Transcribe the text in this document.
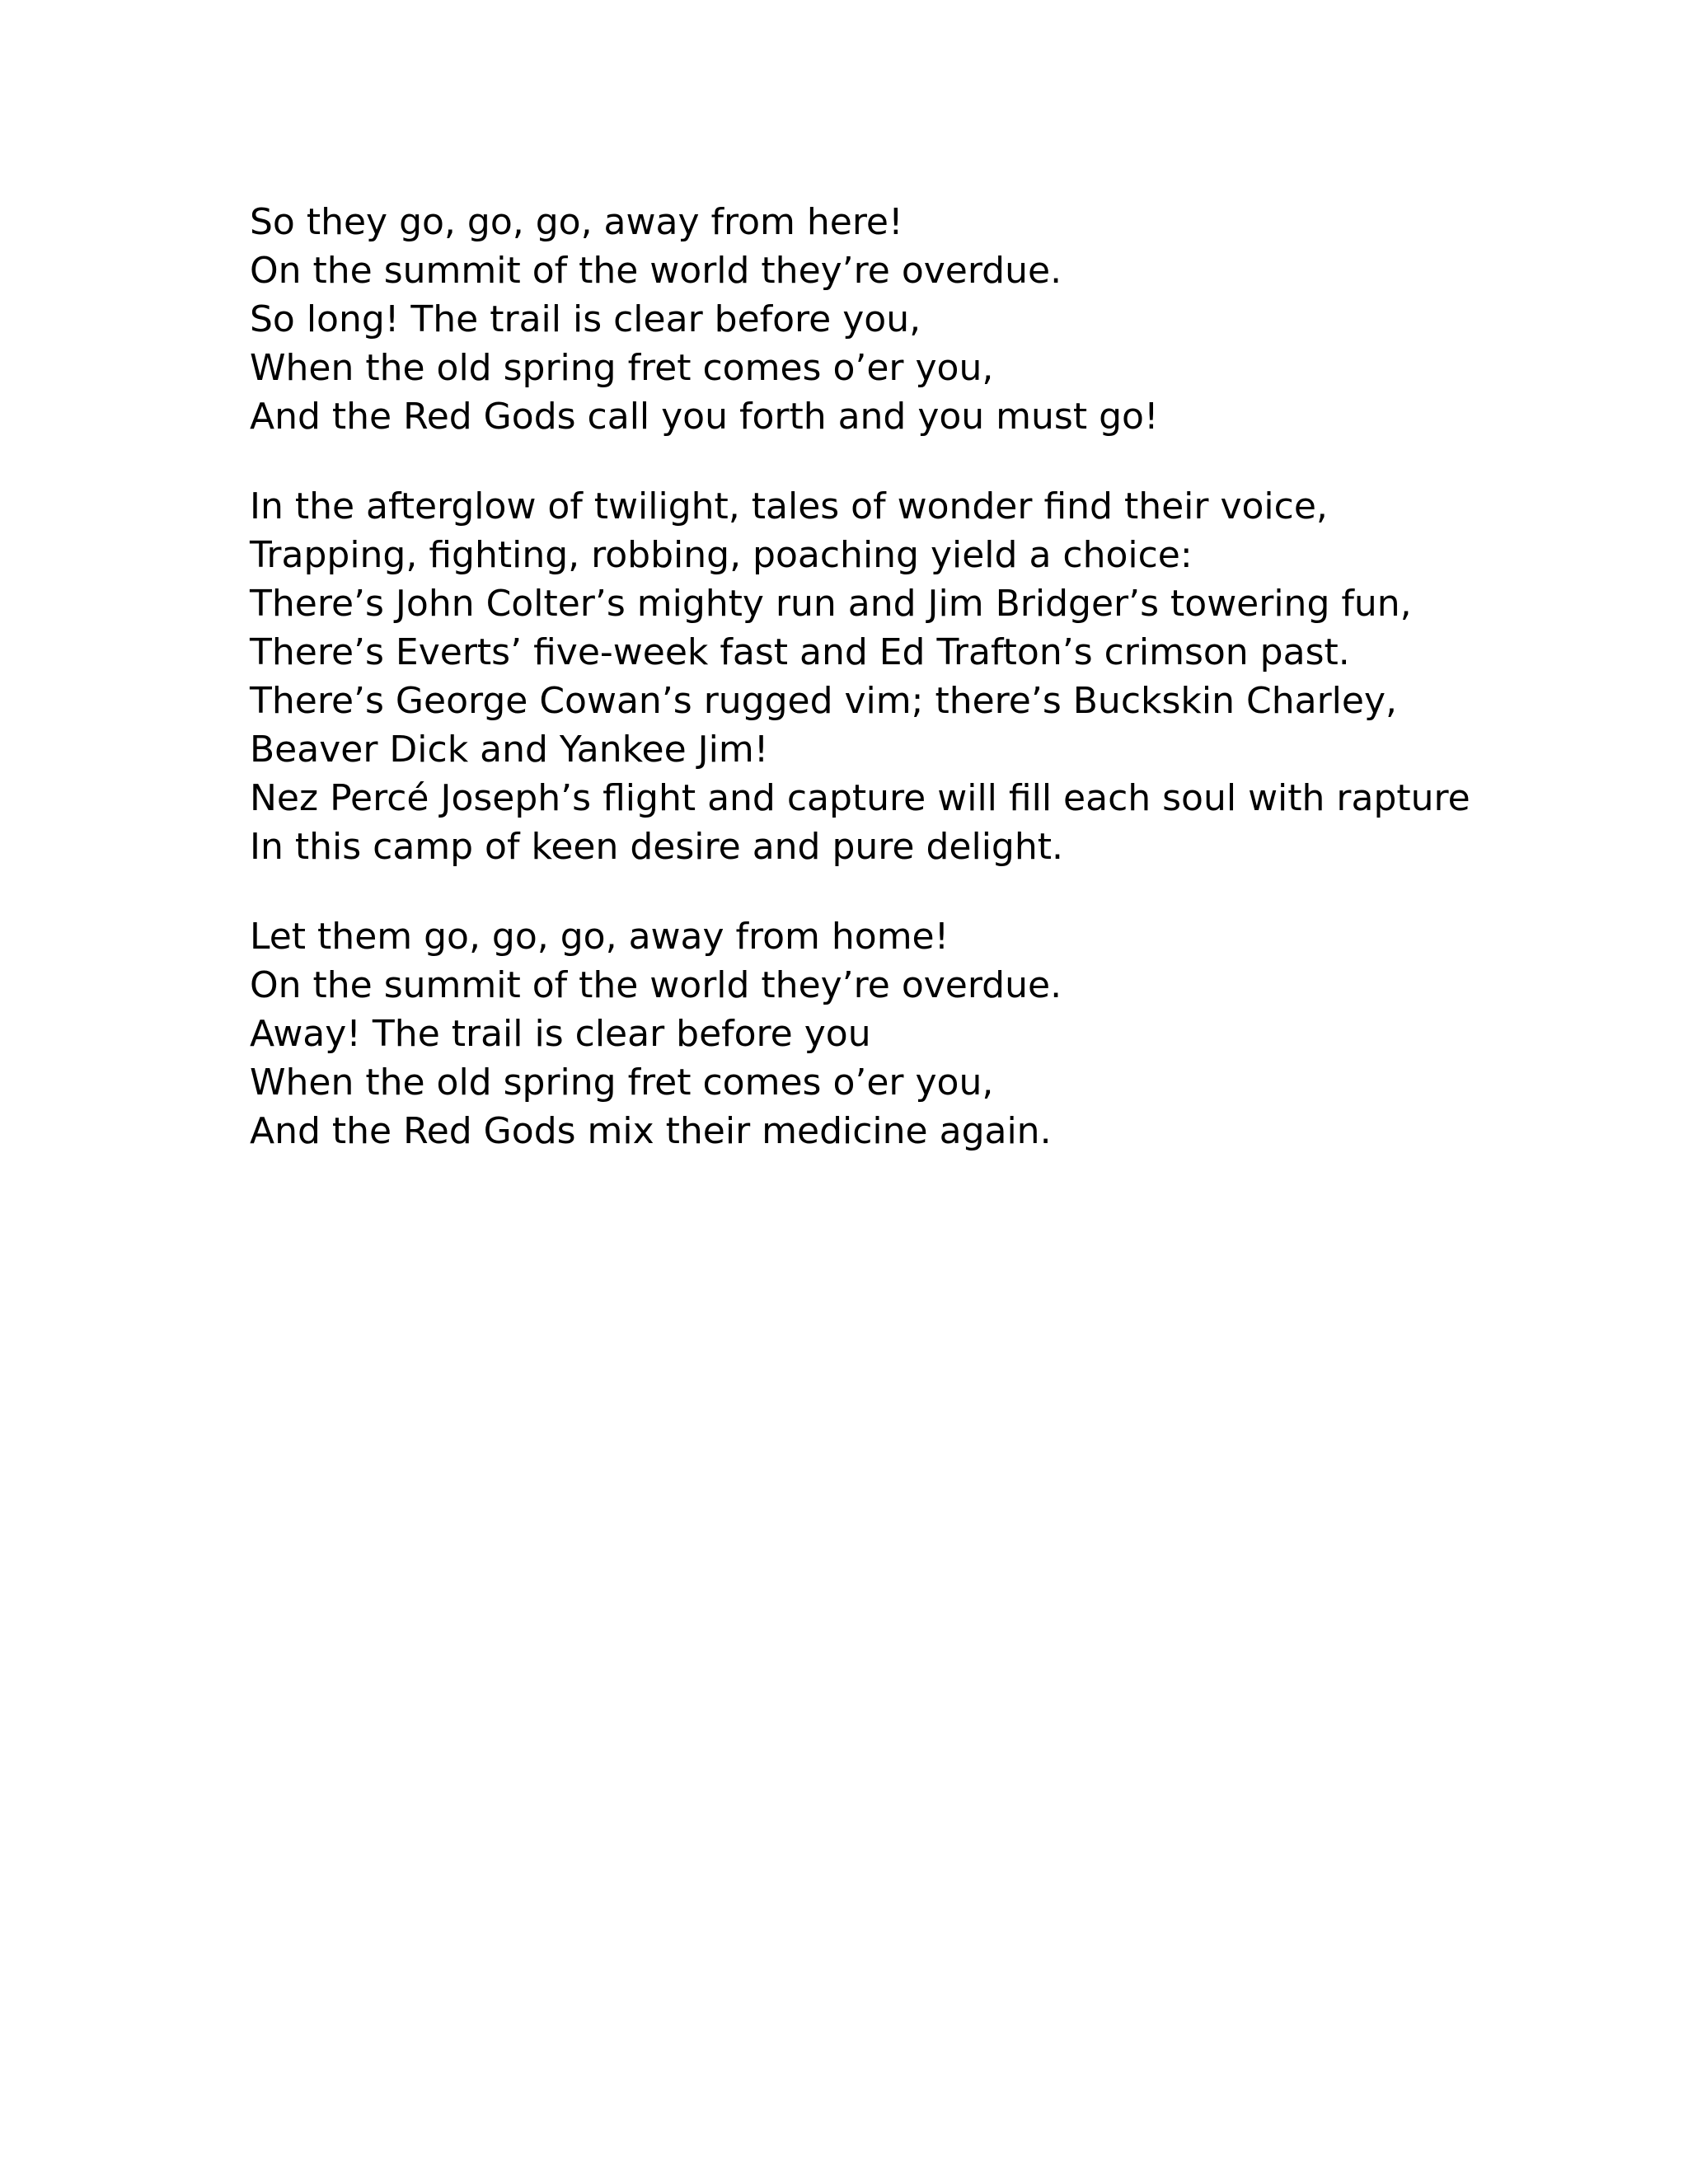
So they go, go, go, away from here!
On the summit of the world they’re overdue.
So long! The trail is clear before you,
When the old spring fret comes o’er you,
And the Red Gods call you forth and you must go!
In the afterglow of twilight, tales of wonder find their voice,
Trapping, fighting, robbing, poaching yield a choice:
There’s John Colter’s mighty run and Jim Bridger’s towering fun,
There’s Everts’ five-week fast and Ed Trafton’s crimson past.
There’s George Cowan’s rugged vim; there’s Buckskin Charley,
Beaver Dick and Yankee Jim!
Nez Percé Joseph’s flight and capture will fill each soul with rapture
In this camp of keen desire and pure delight.
Let them go, go, go, away from home!
On the summit of the world they’re overdue.
Away! The trail is clear before you
When the old spring fret comes o’er you,
And the Red Gods mix their medicine again.
